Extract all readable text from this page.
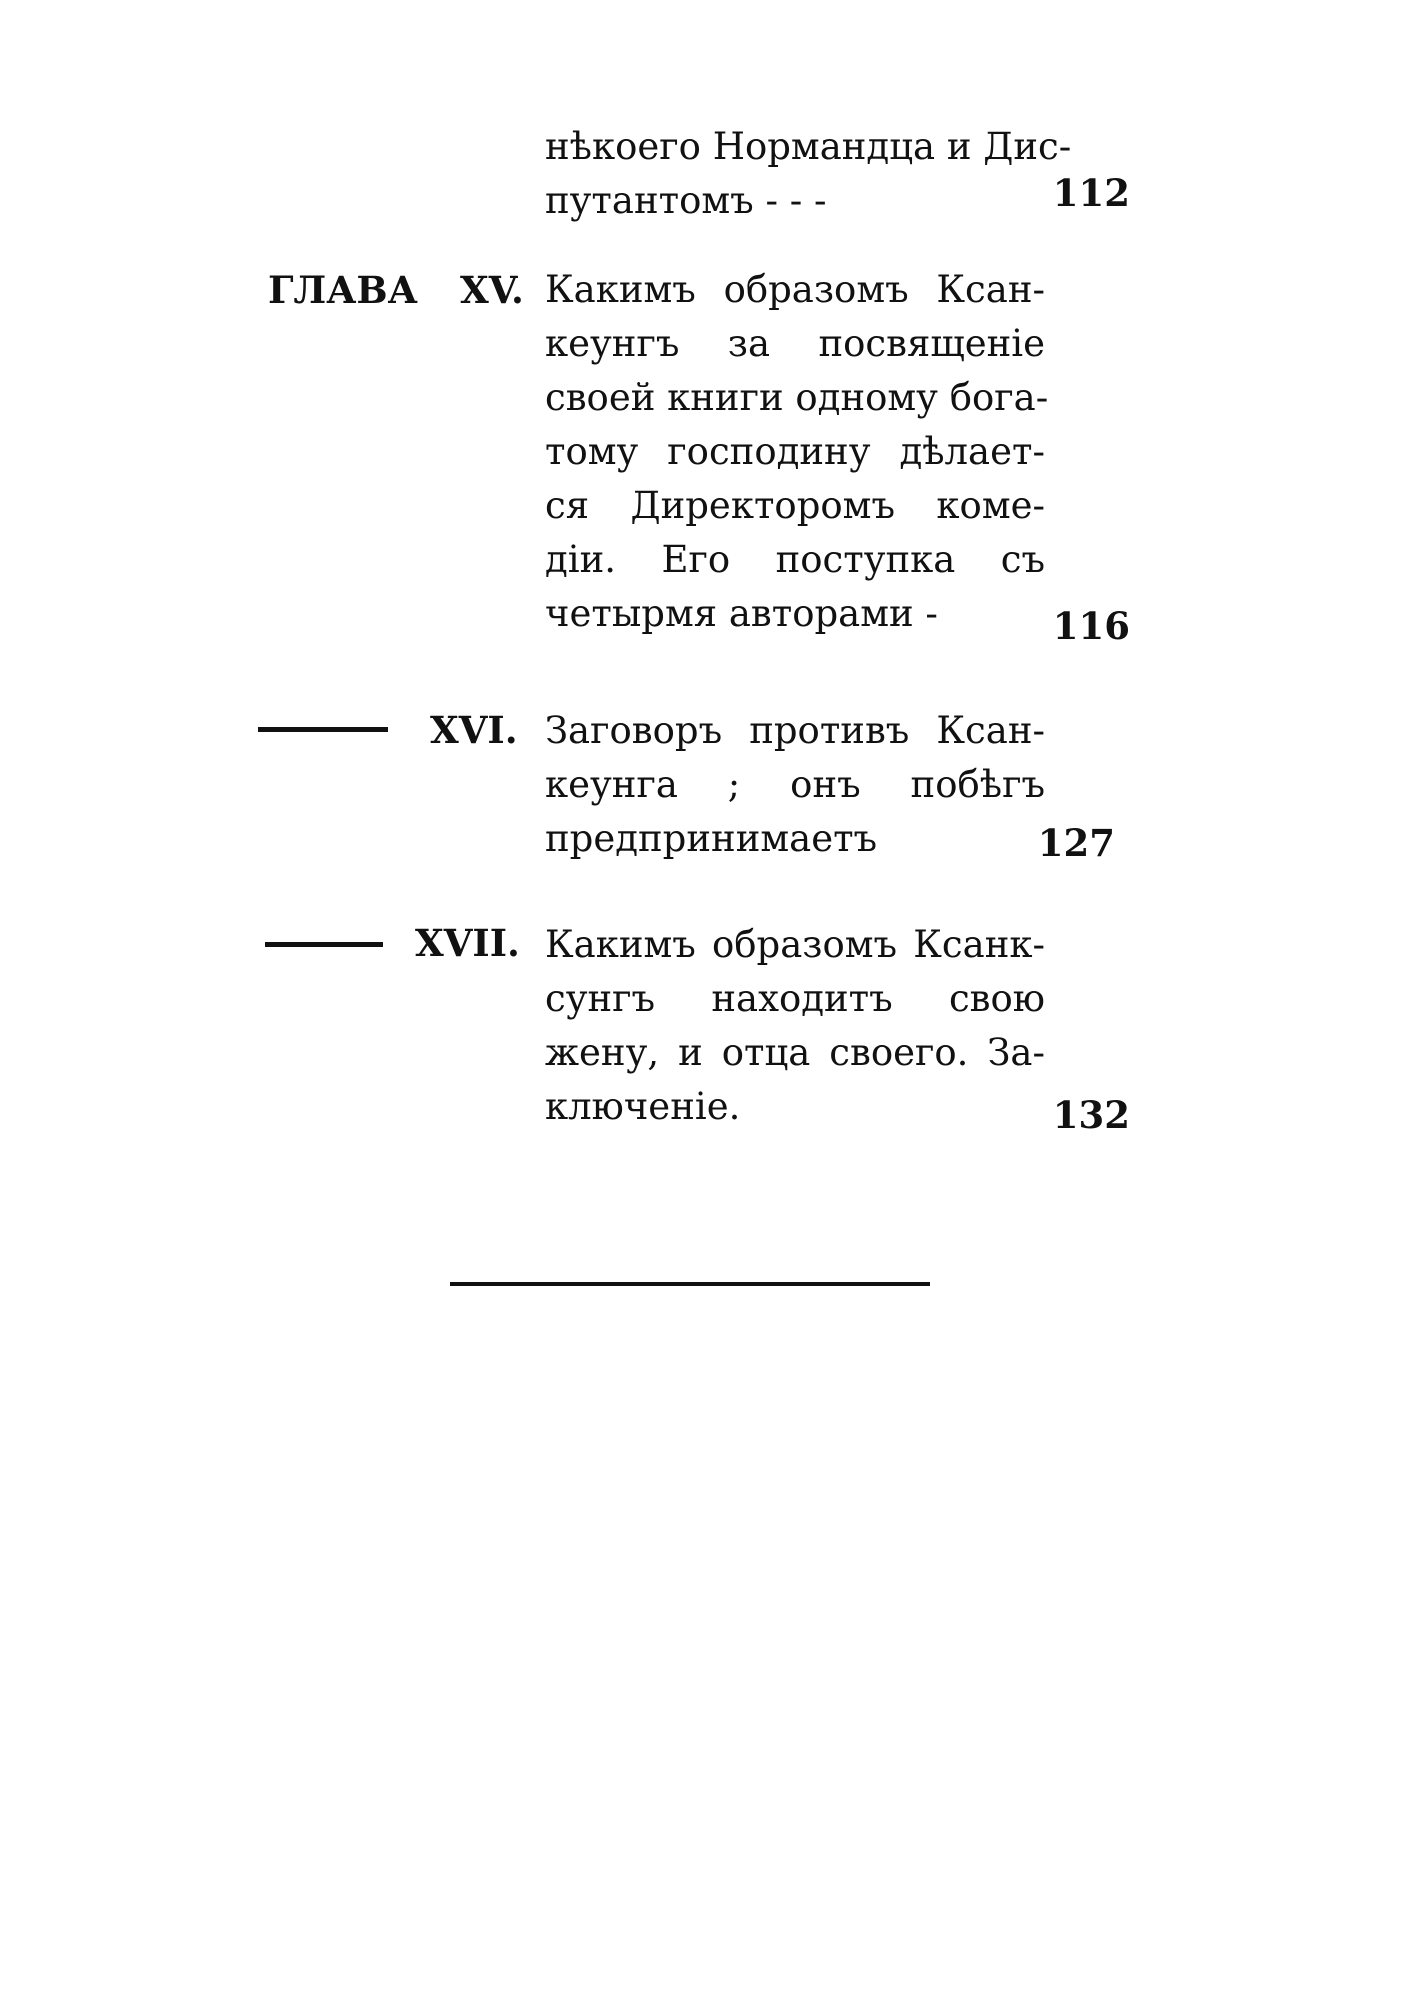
нѣкоего Нормандца и Дис-
путантомъ - - -	112
ГЛАВА XV. Какимъ образомъ Ксан-
кеунгъ за посвященіе
своей книги одному бога-
тому господину дѣлает-
ся Директоромъ коме-
діи. Его поступка съ
четырмя авторами -	116
XVI. Заговоръ противъ Ксан-
кеунга ; онъ побѣгъ
предпринимаетъ	127
XVII. Какимъ образомъ Ксанк-
сунгъ находитъ свою
жену, и отца своего. За-
ключеніе.	132
